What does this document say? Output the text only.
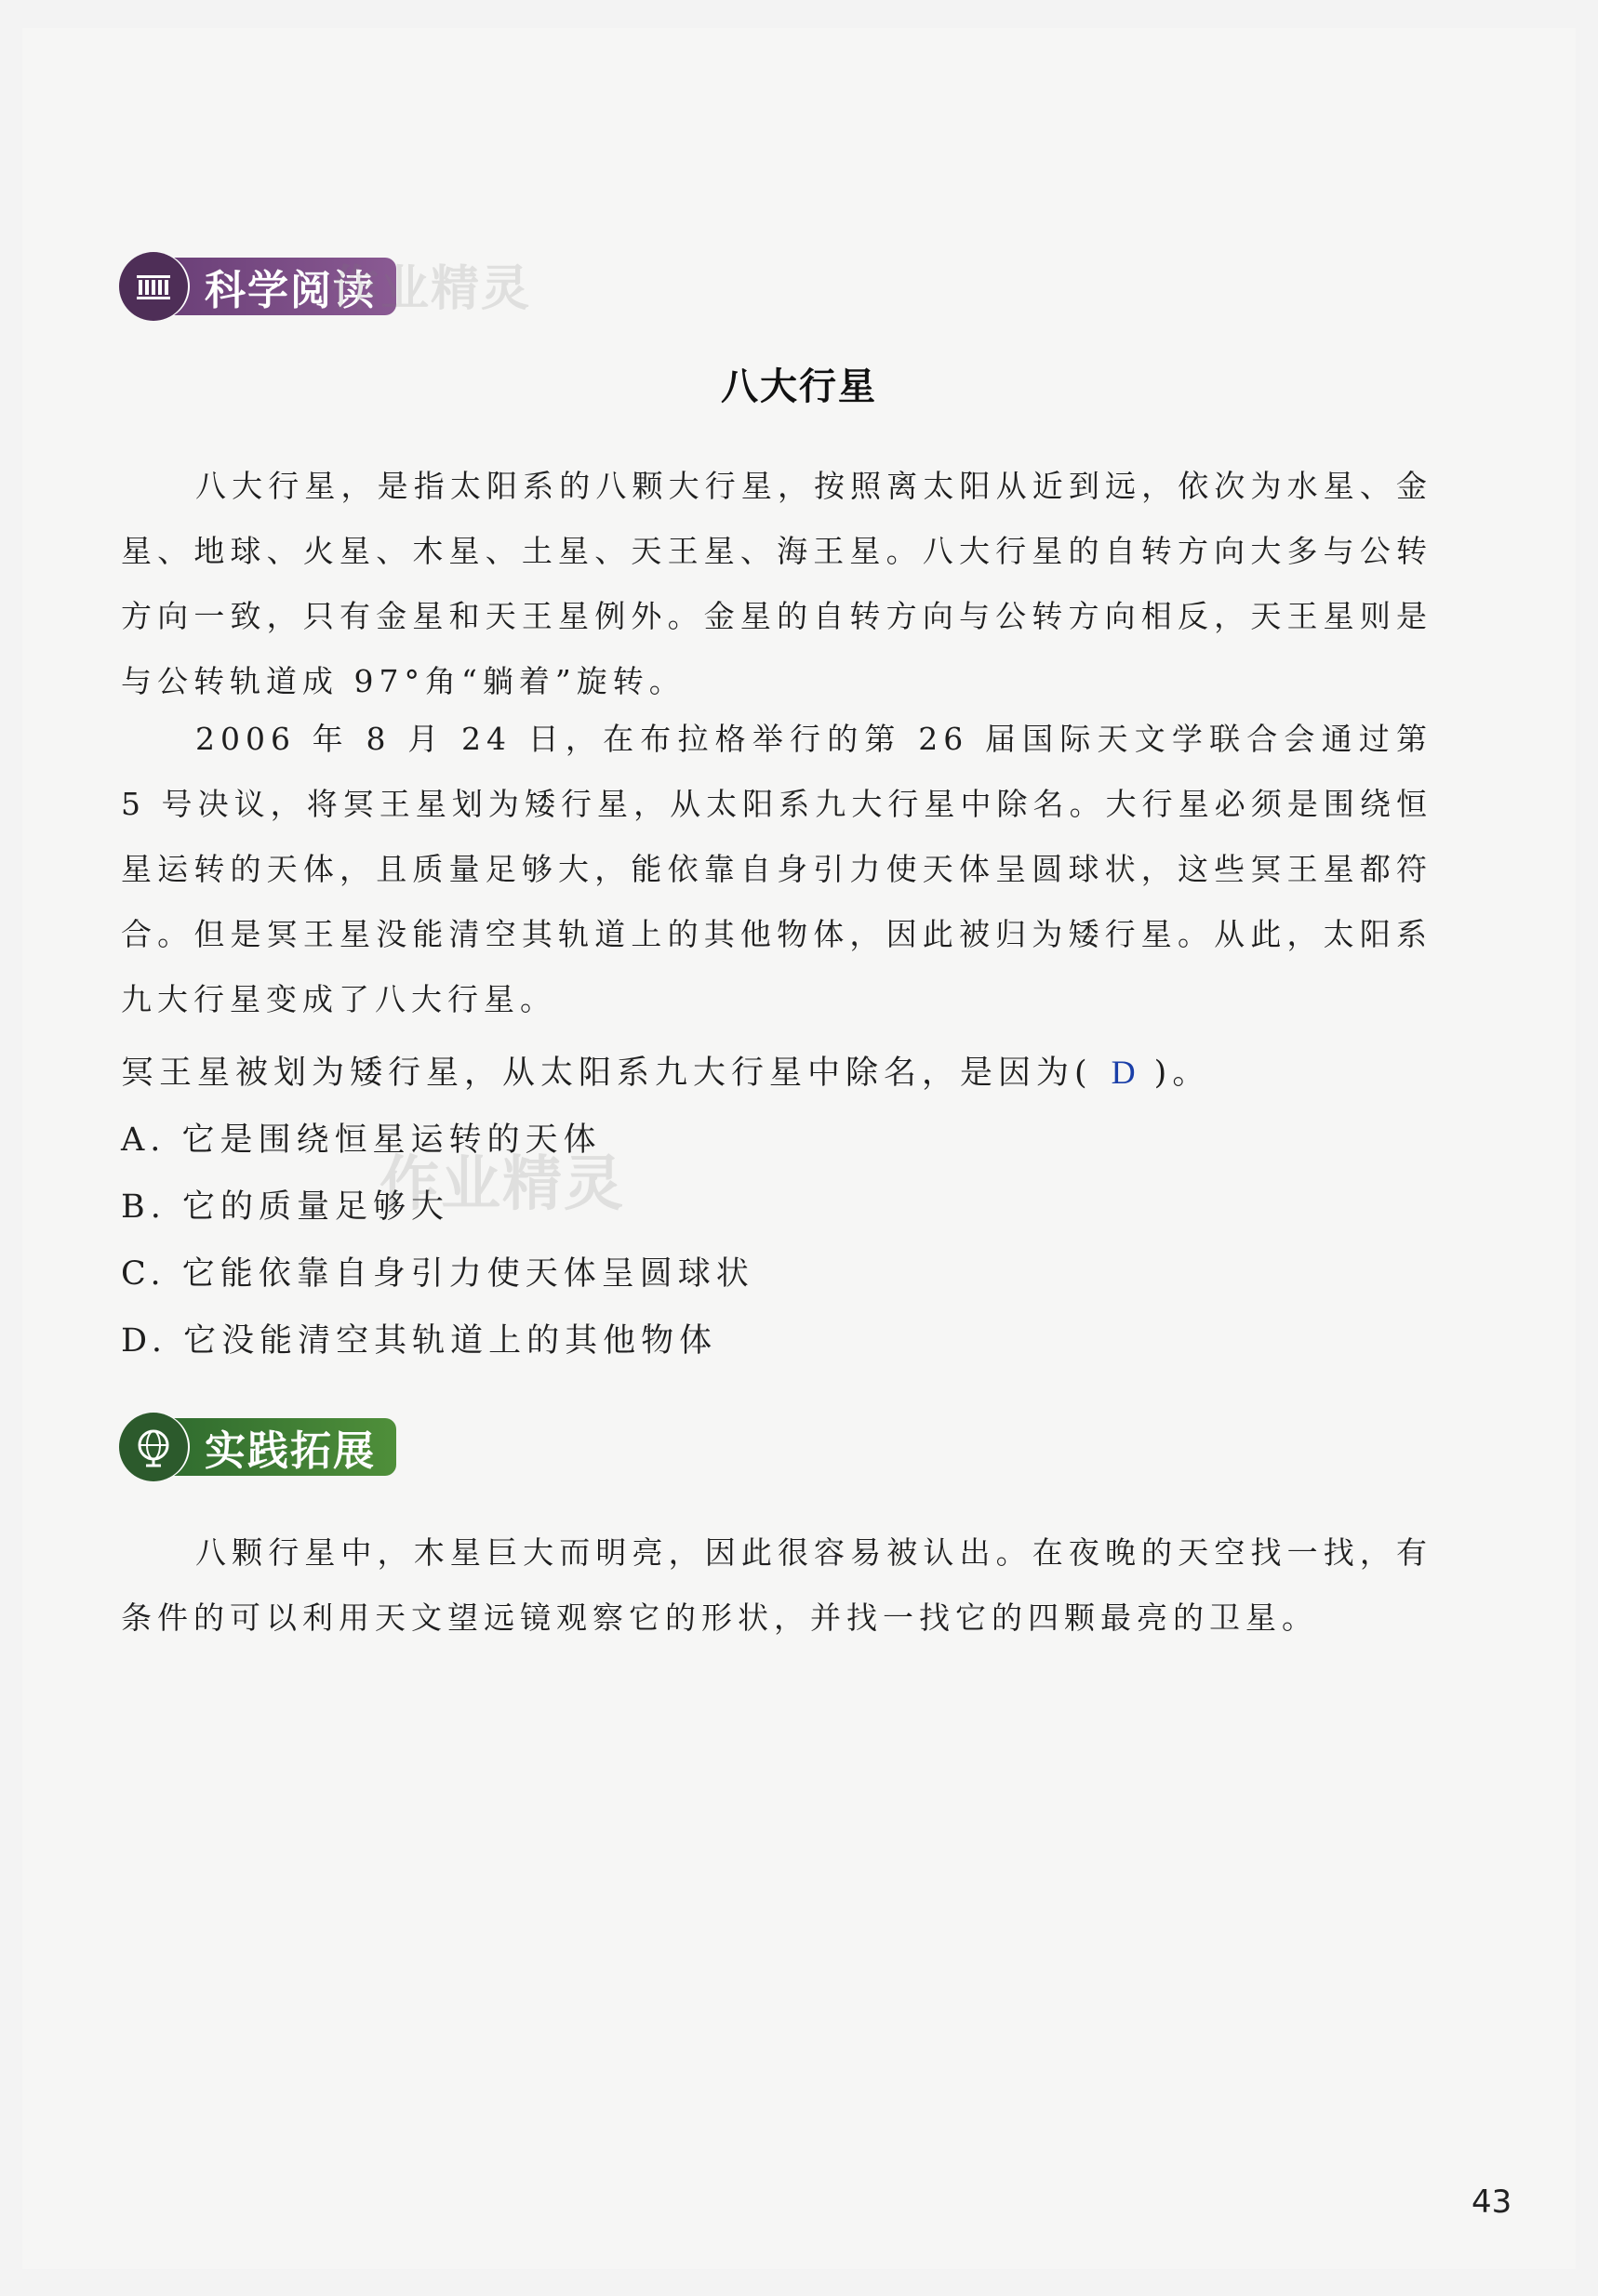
科学阅读
作业精灵
八大行星

八大行星，是指太阳系的八颗大行星，按照离太阳从近到远，依次为水星、金星、地球、火星、木星、土星、天王星、海王星。八大行星的自转方向大多与公转方向一致，只有金星和天王星例外。金星的自转方向与公转方向相反，天王星则是与公转轨道成 97°角“躺着”旋转。

2006 年 8 月 24 日，在布拉格举行的第 26 届国际天文学联合会通过第 5 号决议，将冥王星划为矮行星，从太阳系九大行星中除名。大行星必须是围绕恒星运转的天体，且质量足够大，能依靠自身引力使天体呈圆球状，这些冥王星都符合。但是冥王星没能清空其轨道上的其他物体，因此被归为矮行星。从此，太阳系九大行星变成了八大行星。

冥王星被划为矮行星，从太阳系九大行星中除名，是因为( D )。
A. 它是围绕恒星运转的天体
B. 它的质量足够大
C. 它能依靠自身引力使天体呈圆球状
D. 它没能清空其轨道上的其他物体
作业精灵
实践拓展

八颗行星中，木星巨大而明亮，因此很容易被认出。在夜晚的天空找一找，有条件的可以利用天文望远镜观察它的形状，并找一找它的四颗最亮的卫星。

43
